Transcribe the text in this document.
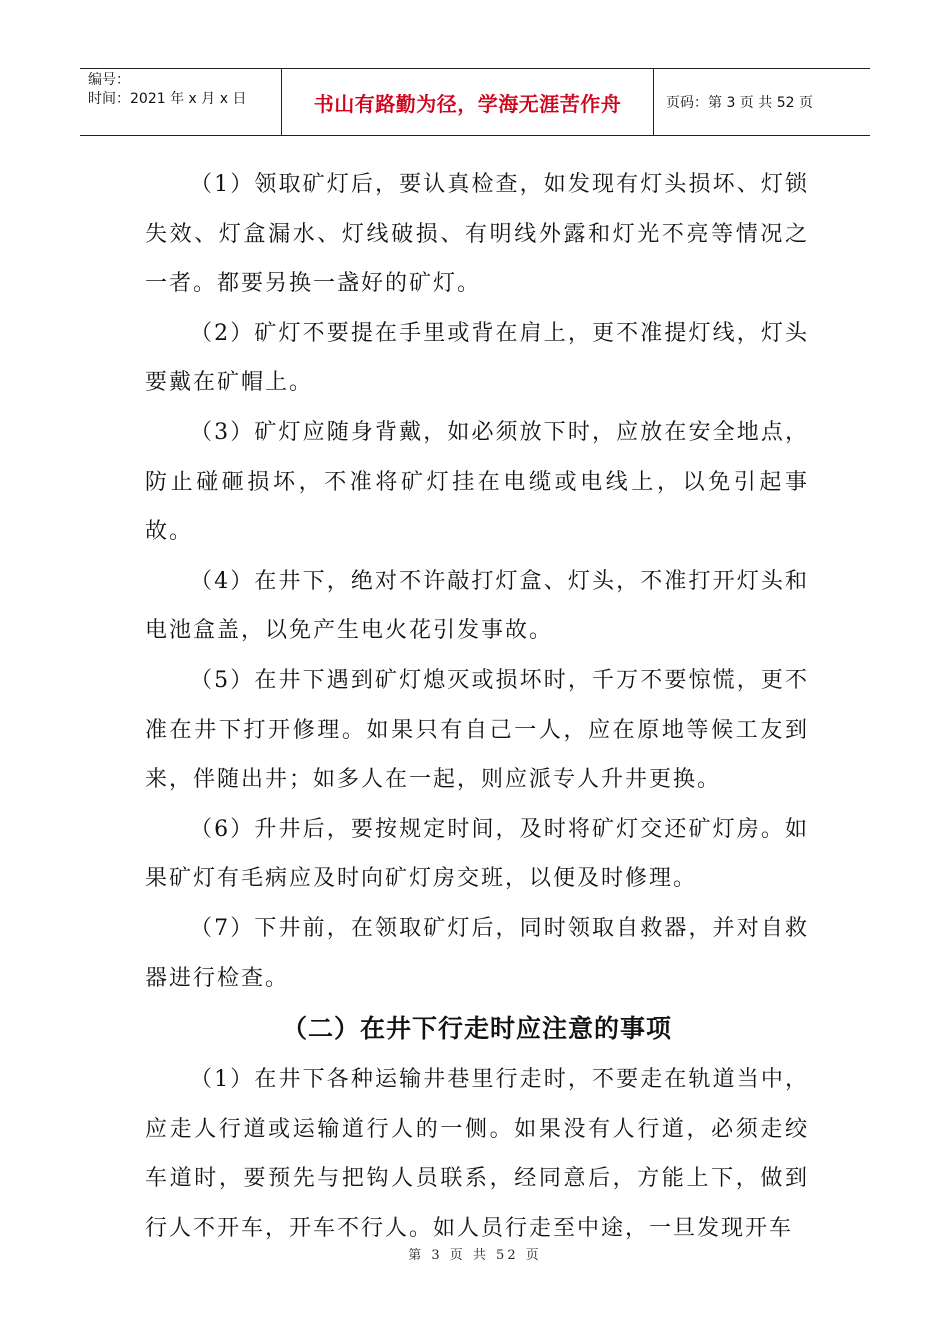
编号：
时间：2021 年 x 月 x 日	书山有路勤为径，学海无涯苦作舟	页码：第 3 页 共 52 页

（1）领取矿灯后，要认真检查，如发现有灯头损坏、灯锁失效、灯盒漏水、灯线破损、有明线外露和灯光不亮等情况之一者。都要另换一盏好的矿灯。

（2）矿灯不要提在手里或背在肩上，更不准提灯线，灯头要戴在矿帽上。

（3）矿灯应随身背戴，如必须放下时，应放在安全地点，防止碰砸损坏，不准将矿灯挂在电缆或电线上，以免引起事故。

（4）在井下，绝对不许敲打灯盒、灯头，不准打开灯头和电池盒盖，以免产生电火花引发事故。

（5）在井下遇到矿灯熄灭或损坏时，千万不要惊慌，更不准在井下打开修理。如果只有自己一人，应在原地等候工友到来，伴随出井；如多人在一起，则应派专人升井更换。

（6）升井后，要按规定时间，及时将矿灯交还矿灯房。如果矿灯有毛病应及时向矿灯房交班，以便及时修理。

（7）下井前，在领取矿灯后，同时领取自救器，并对自救器进行检查。

（二）在井下行走时应注意的事项

（1）在井下各种运输井巷里行走时，不要走在轨道当中，应走人行道或运输道行人的一侧。如果没有人行道，必须走绞车道时，要预先与把钩人员联系，经同意后，方能上下，做到行人不开车，开车不行人。如人员行走至中途，一旦发现开车

第 3 页 共 52 页
